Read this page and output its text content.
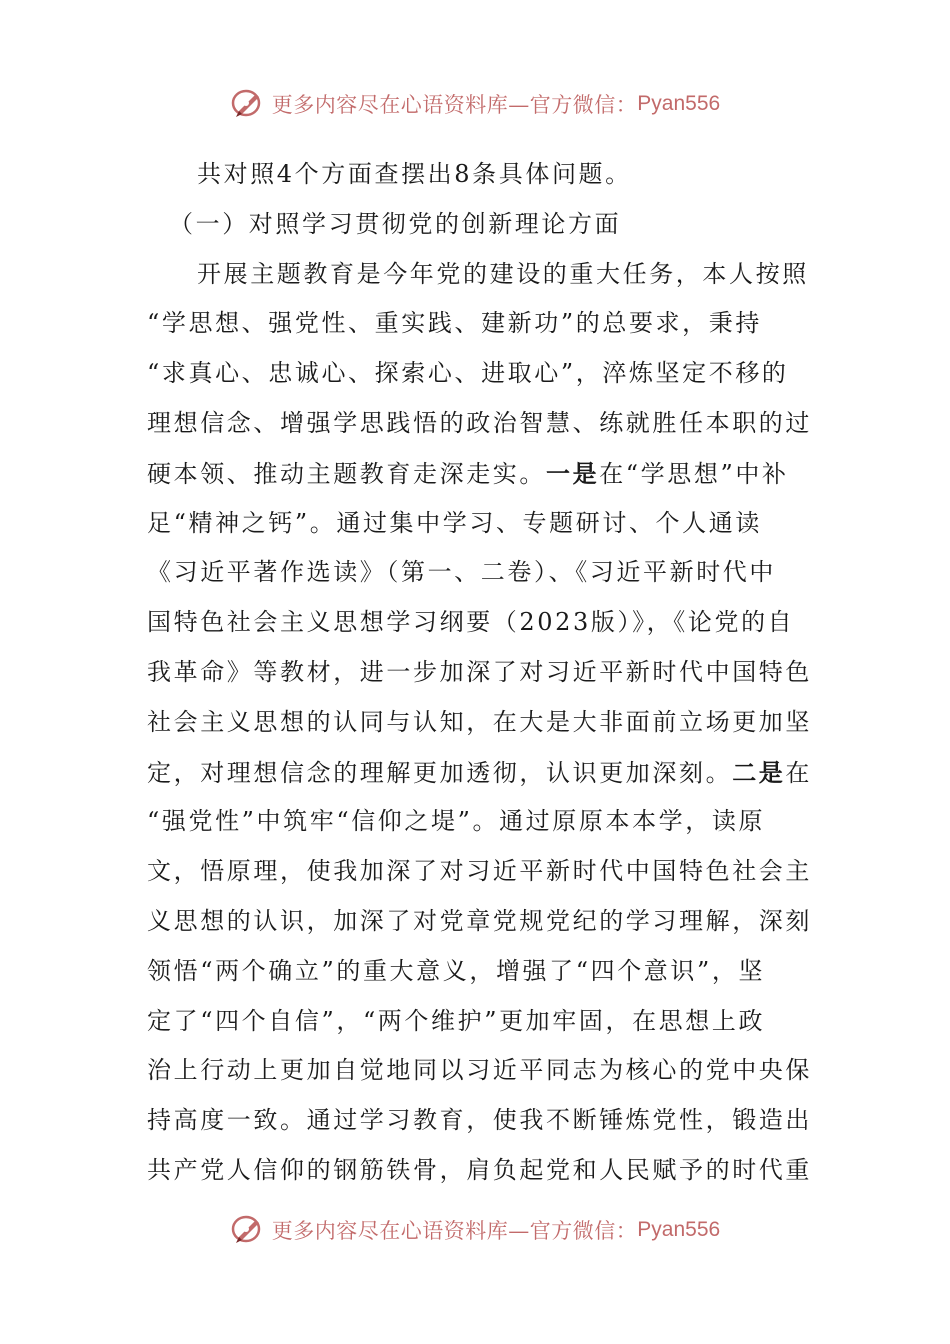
更多内容尽在心语资料库—官方微信： Pyan556
共对照4个方面查摆出8条具体问题。
（一）对照学习贯彻党的创新理论方面
开展主题教育是今年党的建设的重大任务，本人按照
“学思想、强党性、重实践、建新功”的总要求，秉持
“求真心、忠诚心、探索心、进取心”，淬炼坚定不移的
理想信念、增强学思践悟的政治智慧、练就胜任本职的过
硬本领、推动主题教育走深走实。一是在“学思想”中补
足“精神之钙”。通过集中学习、专题研讨、个人通读
《习近平著作选读》（第一、二卷）、《习近平新时代中
国特色社会主义思想学习纲要（2023版）》，《论党的自
我革命》等教材，进一步加深了对习近平新时代中国特色
社会主义思想的认同与认知，在大是大非面前立场更加坚
定，对理想信念的理解更加透彻，认识更加深刻。二是在
“强党性”中筑牢“信仰之堤”。通过原原本本学，读原
文，悟原理，使我加深了对习近平新时代中国特色社会主
义思想的认识，加深了对党章党规党纪的学习理解，深刻
领悟“两个确立”的重大意义，增强了“四个意识”，坚
定了“四个自信”，“两个维护”更加牢固，在思想上政
治上行动上更加自觉地同以习近平同志为核心的党中央保
持高度一致。通过学习教育，使我不断锤炼党性，锻造出
共产党人信仰的钢筋铁骨，肩负起党和人民赋予的时代重
更多内容尽在心语资料库—官方微信： Pyan556
